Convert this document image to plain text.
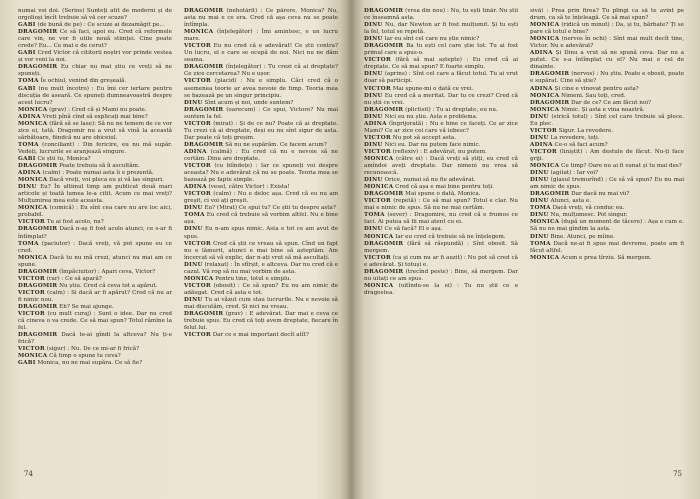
numai voi doi. (Serios) Sunteți atît de moderni și de orgolioși încît trebuie să vă cer scuze?

GABI (de bună de pe) : Ce scuze ai dezamăgit pe...

DRAGOMIR Ce să faci, apoi eu. Cred că reformele care vin, ne vor fi utile nouă stiinței. Cine poate crede? Eu... Ce mai e de cerut?

GABI Cred Victor că cititorii noștri vor prinde vestea și vor veni la noi.

DRAGOMIR Eu chiar nu mai știu ce vreți să ne spuneți.

TOMA Îe ochiul, venind din greșeală.

GABI (nu mult încotro) : Eu îmi cer iertare pentru discuția de aseară. Ce spuneți dumneavoastră despre acest lucru?

MONICA (grav) : Cred că și Mami nu poate.

ADINA Vreți pînă cînd să explicați mai bine?

MONICA (fără să se lase): Să nu ne temem de ce vor zice ei, tată. Dragomir nu a vrut să vină la această sărbătoare, fiindcă nu are obiceiul.

TOMA (conciliant) : Din fericire, eu nu mă supăr. Vedeți, lucrurile se aranjează singure.

GABI Ce știi tu, Monica?

DRAGOMIR Poate trebuia să îi ascultăm.

ADINA (calm) : Poate numai asta îi e prezentă.

MONICA Dacă vreți, voi pleca eu și vă las singuri.

DINU Eu? În ultimul timp am publicat două mari articole și toată lumea le-a citit. Acum ce mai vreți? Mulțumirea mea este aceasta.

MONICA (comică) : Eu sînt cea care nu are loc aici, probabil.

VICTOR Tu ai fost acolo, nu?

DRAGOMIR Dacă n-aș fi fost acolo atunci, ce s-ar fi întîmplat?

TOMA (paciutor) : Dacă vreți, vă pot spune eu ce cred.

MONICA Dacă tu nu mă crezi, atunci nu mai am ce spune.

DRAGOMIR (împăciuitor) : Apari ceva, Victor?

VICTOR (rar) : Ce să apară?

DRAGOMIR Nu știu. Cred că ceva tot a apărut.

VICTOR (calm) : Si dacă ar fi apărut? Cred că nu ar fi nimic nou.

DRAGOMIR Eh? Se mai ajunge.

VICTOR (cu mult curaj) : Sunt o idee. Dar nu cred că cineva o va crede. Ce să mai spun? Totul rămîne la fel.

DRAGOMIR Dacă te-ai gîndi la altceva? Nu ți-e frică?

VICTOR (sigur) : Nu. De ce mi-ar fi frică?

MONICA Că timp o spune tu ceva?

GABI Monica, nu ne mai supăra. Ce să fie?

DRAGOMIR (nehotărît) : Ce părere, Monica? Nu, asta nu mai e ce era. Cred că așa ceva nu se poate întîmpla.

MONICA (înțelegător) : Îmi amintesc, e un lucru mare.

VICTOR Eu nu cred că e adevărat! Ce știi contra? Un lucru, el e care se ocupă de noi. Nici nu ne dăm seama.

DRAGOMIR (înțelegător) : Tu crezi că ai dreptate? Ce zice cercetarea? Nu e ușor.

VICTOR (placid) : Nu e simplu. Căci cred că o asemenea teorie ar avea nevoie de timp. Teoria mea se bazează pe un singur principiu.

DINU Sînt acum și noi, unde suntem?

DRAGOMIR (oarecum) : Ce spui, Victore? Nu mai suntem la fel.

VICTOR (mirat) : Și de ce nu? Poate că ai dreptate. Tu crezi că ai dreptate, deși eu nu sînt sigur de asta. Dar poate că toți greșim.

DRAGOMIR Să nu ne supărăm. Ce facem acum?

ADINA (calmă) : Eu cred că nu e nevoie să ne certăm. Dinu are dreptate.

VICTOR (cu blîndețe) : Iar ce spuneți voi despre aceasta? Nu e adevărat că nu se poate. Teoria mea se bazează pe fapte simple.

ADINA (vesel, către Victor) : Exista!

VICTOR (calm) : Nu e deloc așa. Cred că eu nu am greșit, ci voi ați greșit.

DINU Eu? (Mirat) Ce spui tu? Ce știi tu despre asta?

TOMA Eu cred că trebuie să vorbim altfel. Nu e bine așa.

DINU Eu n-am spus nimic. Asta e tot ce am avut de spus.

VICTOR Cred că știi ce vreau să spun. Cînd un fapt nu e lămurit, atunci e mai bine să așteptăm. Am încercat să vă explic, dar n-ați vrut să mă ascultați.

DINU (relaxat) : În sfîrșit, e altceva. Dar nu cred că e cazul. Vă rog să nu mai vorbim de asta.

MONICA Pentru tine, totul e simplu.

VICTOR (obosit) : Ce să spun? Eu nu am nimic de adăugat. Cred că asta e tot.

DINU Tu ai văzut cum stau lucrurile. Nu e nevoie să mai discutăm, cred. Și nici nu vreau.

DRAGOMIR (grav) : E adevărat. Dar mai e ceva ce trebuie spus. Eu cred că toți avem dreptate, fiecare în felul lui.

VICTOR Dar ce e mai important decît atît?

74

DRAGOMIR (vrea din nou) : Nu, tu ești tînăr. Nu știi ce înseamnă asta.

DINU Nu, dar Newton ar fi fost mulțumit. Și tu ești la fel, totul se repetă.

DINU Iar eu sînt cel care nu știe nimic?

DRAGOMIR Ba tu ești cel care știe tot. Tu ai fost primul care a spus-o.

VICTOR (fără să mai aștepte) : Eu cred că ai dreptate. Ce să mai spun? E foarte simplu.

DINU (aprins) : Sînt cel care a făcut totul. Tu ai vrut doar să participi.

VICTOR Mai spune-mi o dată ce vrei.

DINU Eu cred că a meritat. Dar tu ce crezi? Cred că nu știi ce vrei.

DRAGOMIR (plictisit) : Tu ai dreptate, eu nu.

DINU Nici eu nu știu. Asta e problema.

ADINA (îngrijorată) : Nu e bine ce faceți. Ce ar zice Mami? Ce ar zice cei care vă iubesc?

VICTOR Nu pot să accept asta.

DINU Nici eu. Dar nu putem face nimic.

VICTOR (reflexiv) : E adevărat, nu putem.

MONICA (către ei) : Dacă vreți să știți, eu cred că amîndoi aveți dreptate. Dar nimeni nu vrea să recunoască.

DINU Orice, numai să nu fie adevărat.

MONICA Cred că așa e mai bine pentru toți.

DRAGOMIR Mai spune o dată, Monica.

VICTOR (repetă) : Ce să mai spun? Totul e clar. Nu mai e nimic de spus. Să nu ne mai certăm.

TOMA (sever) : Dragomire, nu cred că e frumos ce faci. Ai putea să fii mai atent cu ei.

DINU Ce să facă? El e așa.

MONICA Iar eu cred că trebuie să ne înțelegem.

DRAGOMIR (fără să răspundă) : Sînt obosit. Să mergem.

VICTOR (ca și cum nu ar fi auzit) : Nu pot să cred că e adevărat. Și totuși e.

DRAGOMIR (trecînd peste) : Bine, să mergem. Dar nu uitați ce am spus.

MONICA (uitîndu-se la ei) : Tu nu știi ce e dragostea.

sivă) : Prea prin firea? Tu plîngi ca să te avînt pe drum, ca să te înțeleagă. Ce să mai spun?

MONICA (ridică un minut) : Da, și tu, bărbate? Ți se pare că totul e bine?

MONICA (nervos în ochi) : Sînt mai mult decît tine, Victor. Nu e adevărat?

ADINA Și Dinu a vrut să ne spună ceva. Dar nu a putut. Ce s-a întîmplat cu el? Nu mai e cel de dinainte.

DRAGOMIR (nervos) : Nu știu. Poate e obosit, poate e supărat. Cine să știe?

ADINA Și cine e vinovat pentru asta?

MONICA Nimeni. Sau toți, cred.

DRAGOMIR Dar de ce? Ce am făcut noi?

MONICA Nimic. Și asta e vina noastră.

DINU (strică totul) : Sînt cel care trebuie să plece. Eu plec.

VICTOR Sigur. La revedere.

DINU La revedere, toți.

ADINA Ce-o să faci acum?

VICTOR (liniștit) : Am destule de făcut. Nu-ți face griji.

MONICA Ce timp? Oare nu ai fi sunat și tu mai des?

DINU (agitat) : Iar voi?

DINU (glasul tremurînd) : Ce să vă spun? Eu nu mai am nimic de spus.

DRAGOMIR Dar dacă nu mai vii?

DINU Atunci, asta e.

TOMA Dacă vreți, vă conduc eu.

DINU Nu, mulțumesc. Pot singur.

MONICA (după un moment de tăcere) : Așa e cum e. Să nu ne mai gîndim la asta.

DINU Bine. Atunci, pe mîine.

TOMA Dacă ne-ai fi spus mai devreme, poate am fi făcut altfel.

MONICA Acum e prea tîrziu. Să mergem.

75
